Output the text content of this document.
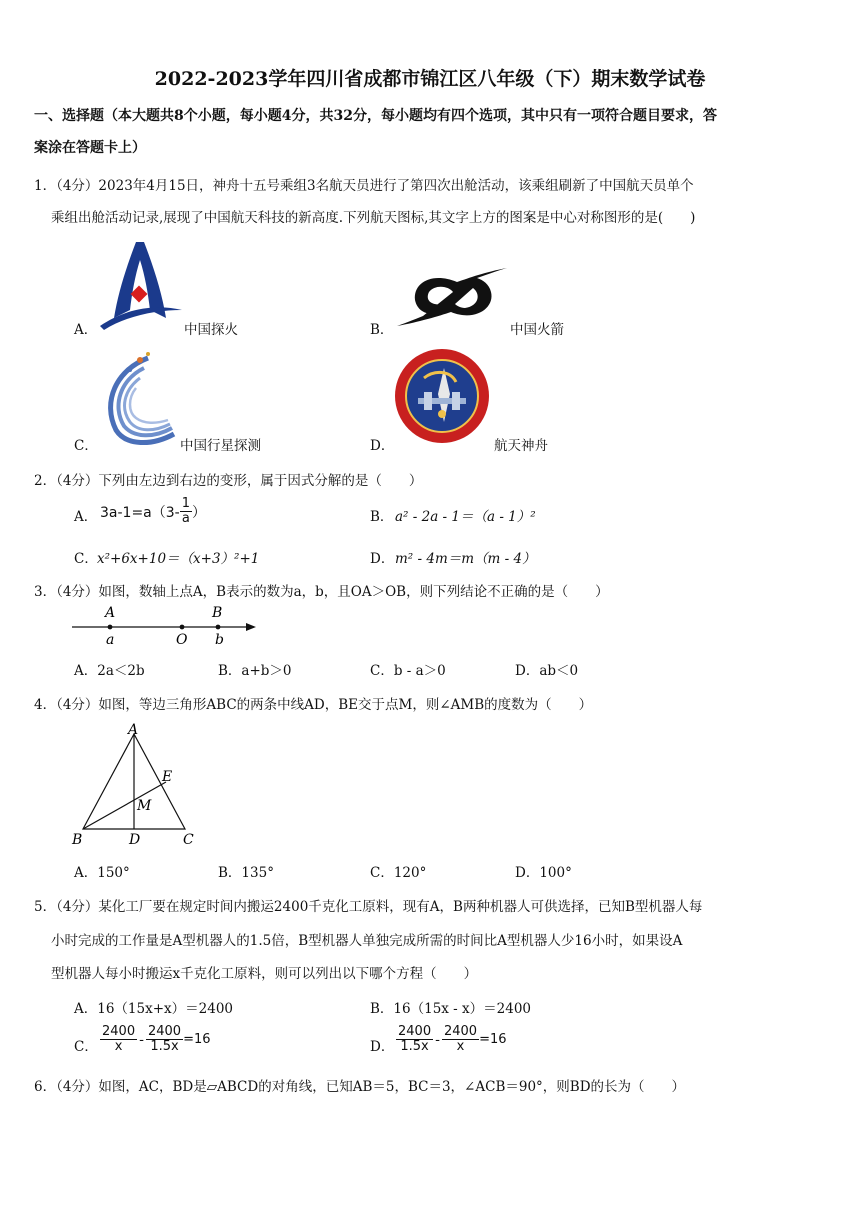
2022-2023学年四川省成都市锦江区八年级（下）期末数学试卷
一、选择题（本大题共8个小题，每小题4分，共32分，每小题均有四个选项，其中只有一项符合题目要求，答
案涂在答题卡上）
1．（4分）2023年4月15日，神舟十五号乘组3名航天员进行了第四次出舱活动，该乘组刷新了中国航天员单个
乘组出舱活动记录,展现了中国航天科技的新高度.下列航天图标,其文字上方的图案是中心对称图形的是(　　)
A．	中国探火	B．	中国火箭
C．	中国行星探测	D．	航天神舟
2．（4分）下列由左边到右边的变形，属于因式分解的是（　　）
A． $3a-1=a(3- \frac{1}{a}$ ）	B． a² - 2a - 1＝（a - 1）²
C． x²+6x+10＝（x+3）²+1	D． m² - 4m＝m（m - 4）
3．（4分）如图，数轴上点A，B表示的数为a，b，且OA＞OB，则下列结论不正确的是（　　）
A	B
a	O b
A．2a＜2b	B．a+b＞0	C．b - a＞0	D．ab＜0
4．（4分）如图，等边三角形ABC的两条中线AD，BE交于点M，则∠AMB的度数为（　　）
A
B	C
D
E
M
A．150°	B．135°	C．120°	D．100°
5．（4分）某化工厂要在规定时间内搬运2400千克化工原料，现有A，B两种机器人可供选择，已知B型机器人每
小时完成的工作量是A型机器人的1.5倍，B型机器人单独完成所需的时间比A型机器人少16小时，如果设A
型机器人每小时搬运x千克化工原料，则可以列出以下哪个方程（　　）
A．16（15x+x）＝2400	B．16（15x - x）＝2400
C． $\frac{2400}{x} - \frac{2400}{1.5x} =16$	D． $\frac{2400}{1.5x} - \frac{2400}{x} =16$
6．（4分）如图，AC，BD是▱ABCD的对角线，已知AB＝5，BC＝3，∠ACB＝90°，则BD的长为（　　）
